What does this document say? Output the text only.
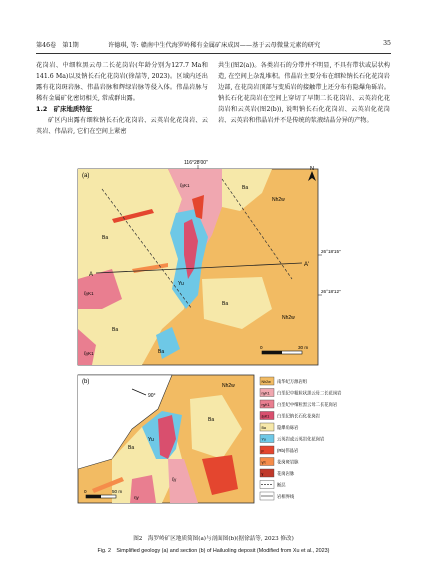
第46卷　第1期	许德琪, 等: 赣南中生代海罗岭稀有金属矿床成因——基于云母微量元素的研究	35

花岗岩、中细粒黑云母二长花岗岩(年龄分别为127.7 Ma和141.6 Ma)以及钠长石化花岗岩(徐喆等, 2023)。区域内还出露有花岗斑岩脉、伟晶岩脉和辉绿岩脉等侵入体。伟晶岩脉与稀有金属矿化密切相关, 常成群出露。

1.2　矿床地质特征

矿区内出露有细粒钠长石化花岗岩、云英岩化花岗岩、云英岩、伟晶岩, 它们在空间上紧密

共生(图2(a))。各类岩石的分带并不明显, 不具有带状或层状构造, 在空间上杂乱堆积。伟晶岩主要分布在细粒钠长石化花岗岩边部, 在花岗岩顶部与变质岩的接触带上还分布有隐爆角砾岩。钠长石化花岗岩在空间上穿切了早期二长花岗岩、云英岩化花岗岩和云英岩(图2(b)), 说明钠长石化花岗岩、云英岩化花岗岩、云英岩和伟晶岩并不是传统的浆液结晶分异的产物。

(a)
116°28′00″
26°18′15″
26°18′12″
N
A
A'
0	30 m
Nh2w
Ba
Ba
Ba
Ba
Yu
ξγK1
ξγK1
ξγK1
Nh2w
Ba
(b)
90°
0	50 m
Nh2w
Ba
Ba
Yu
ξγ
ηγ
Nh2w 南华纪万源岩组
ηγK1 白垩纪中粗粒状黑云母二长花岗岩
ηγK1 白垩纪中细粒黑云母二长花岗岩
ξγK1 白垩纪钠长石化花岗岩
Ba	隐爆角砾岩
Yu	云英岩或云英岩化花岗岩
p	(Rb)伟晶岩
γπ	花岗斑岩脉
γ	花岗岩脉
断层
岩相界线
图2　海罗岭矿区地质简图(a)与剖面图(b)(据徐喆等, 2023 修改)
Fig. 2　Simplified geology (a) and section (b) of Hailuoling deposit (Modified from Xu et al., 2023)
